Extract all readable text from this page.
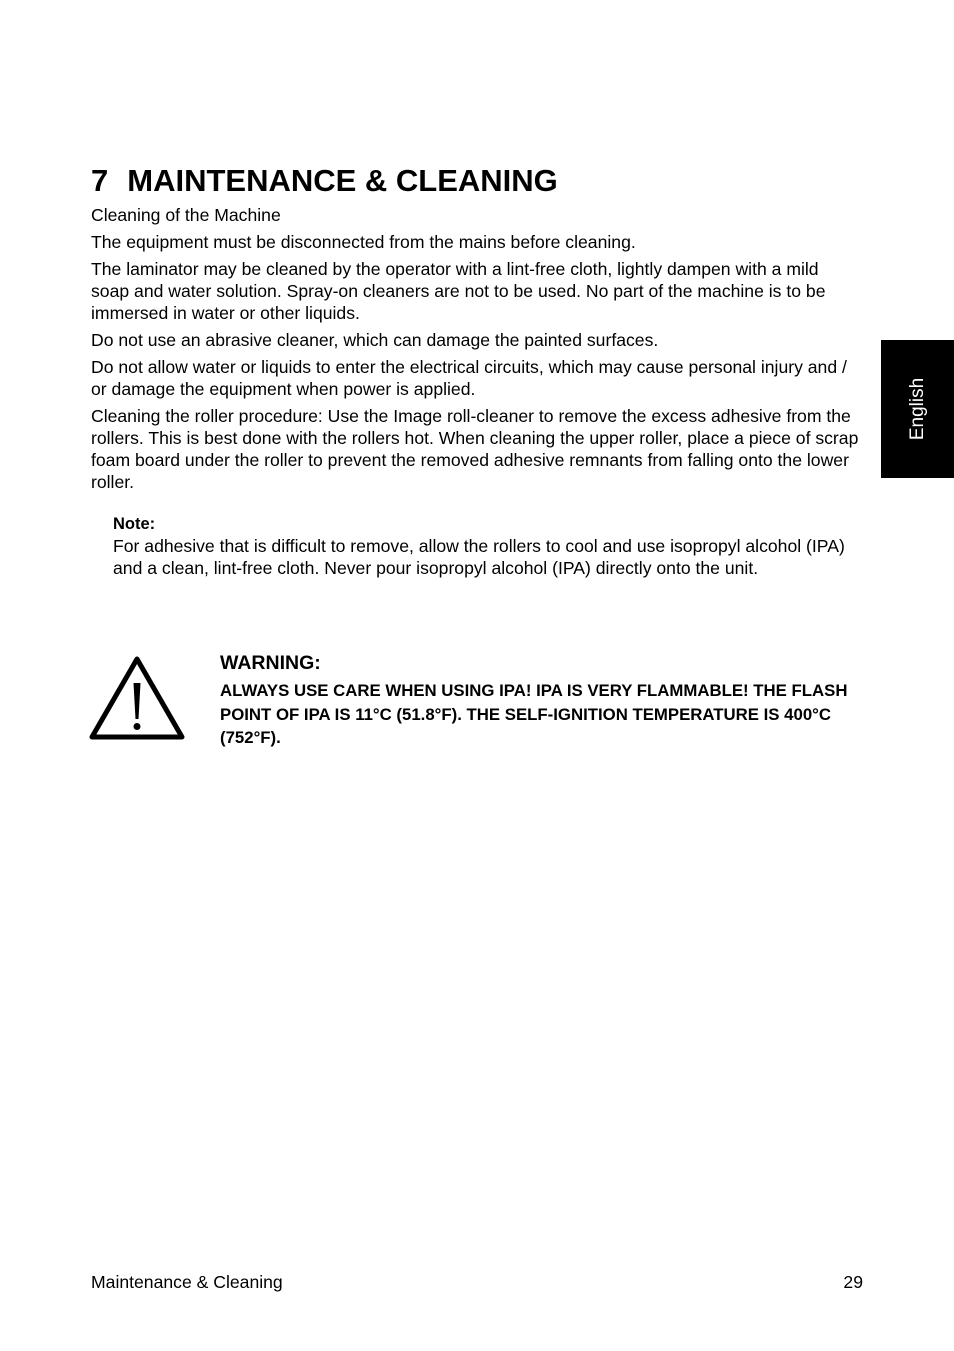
7 MAINTENANCE & CLEANING

Cleaning of the Machine

The equipment must be disconnected from the mains before cleaning.

The laminator may be cleaned by the operator with a lint-free cloth, lightly dampen with a mild soap and water solution. Spray-on cleaners are not to be used. No part of the machine is to be immersed in water or other liquids.

Do not use an abrasive cleaner, which can damage the painted surfaces.

Do not allow water or liquids to enter the electrical circuits, which may cause personal injury and / or damage the equipment when power is applied.

Cleaning the roller procedure: Use the Image roll-cleaner to remove the excess adhesive from the rollers. This is best done with the rollers hot. When cleaning the upper roller, place a piece of scrap foam board under the roller to prevent the removed adhesive remnants from falling onto the lower roller.

Note:
For adhesive that is difficult to remove, allow the rollers to cool and use isopropyl alcohol (IPA) and a clean, lint-free cloth. Never pour isopropyl alcohol (IPA) directly onto the unit.
WARNING:
ALWAYS USE CARE WHEN USING IPA! IPA IS VERY FLAMMABLE! THE FLASH POINT OF IPA IS 11°C (51.8°F). THE SELF-IGNITION TEMPERATURE IS 400°C (752°F).
English
Maintenance & Cleaning	29
